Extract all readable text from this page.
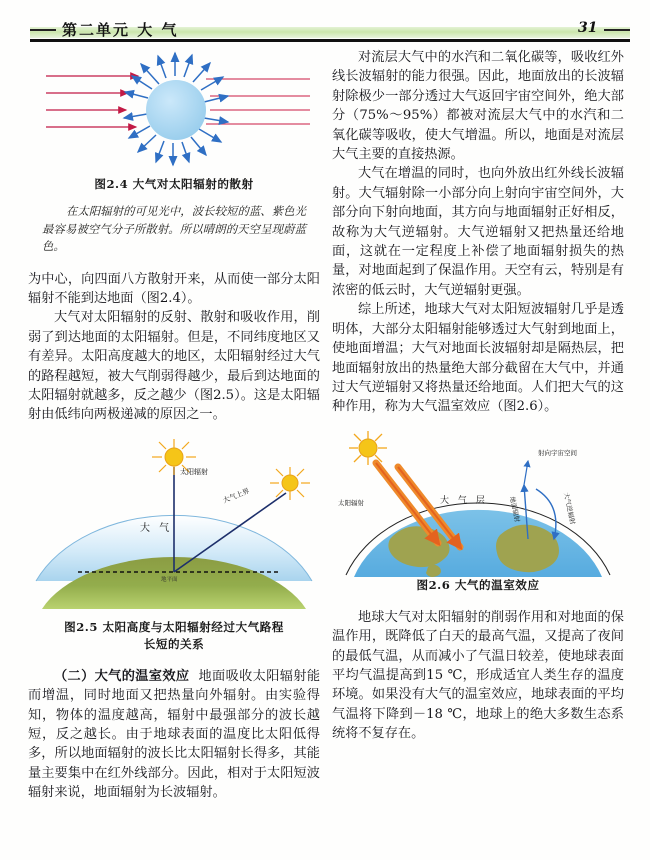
第二单元 大 气	31
图2.4 大气对太阳辐射的散射
在太阳辐射的可见光中，波长较短的蓝、紫色光最容易被空气分子所散射。所以晴朗的天空呈现蔚蓝色。

为中心，向四面八方散射开来，从而使一部分太阳辐射不能到达地面（图2.4）。

大气对太阳辐射的反射、散射和吸收作用，削弱了到达地面的太阳辐射。但是，不同纬度地区又有差异。太阳高度越大的地区，太阳辐射经过大气的路程越短，被大气削弱得越少，最后到达地面的太阳辐射就越多，反之越少（图2.5）。这是太阳辐射由低纬向两极递减的原因之一。

太阳辐射
大气上界
大 气
地平面
图2.5 太阳高度与太阳辐射经过大气路程
长短的关系

（二）大气的温室效应 地面吸收太阳辐射能而增温，同时地面又把热量向外辐射。由实验得知，物体的温度越高，辐射中最强部分的波长越短，反之越长。由于地球表面的温度比太阳低得多，所以地面辐射的波长比太阳辐射长得多，其能量主要集中在红外线部分。因此，相对于太阳短波辐射来说，地面辐射为长波辐射。

对流层大气中的水汽和二氧化碳等，吸收红外线长波辐射的能力很强。因此，地面放出的长波辐射除极少一部分透过大气返回宇宙空间外，绝大部分（75%～95%）都被对流层大气中的水汽和二氧化碳等吸收，使大气增温。所以，地面是对流层大气主要的直接热源。

大气在增温的同时，也向外放出红外线长波辐射。大气辐射除一小部分向上射向宇宙空间外，大部分向下射向地面，其方向与地面辐射正好相反，故称为大气逆辐射。大气逆辐射又把热量还给地面，这就在一定程度上补偿了地面辐射损失的热量，对地面起到了保温作用。天空有云，特别是有浓密的低云时，大气逆辐射更强。

综上所述，地球大气对太阳短波辐射几乎是透明体，大部分太阳辐射能够透过大气射到地面上，使地面增温；大气对地面长波辐射却是隔热层，把地面辐射放出的热量绝大部分截留在大气中，并通过大气逆辐射又将热量还给地面。人们把大气的这种作用，称为大气温室效应（图2.6）。

太阳辐射
射向宇宙空间
大 气 层	地面辐射	大气逆辐射
图2.6 大气的温室效应

地球大气对太阳辐射的削弱作用和对地面的保温作用，既降低了白天的最高气温，又提高了夜间的最低气温，从而减小了气温日较差，使地球表面平均气温提高到15 ℃，形成适宜人类生存的温度环境。如果没有大气的温室效应，地球表面的平均气温将下降到－18 ℃，地球上的绝大多数生态系统将不复存在。
